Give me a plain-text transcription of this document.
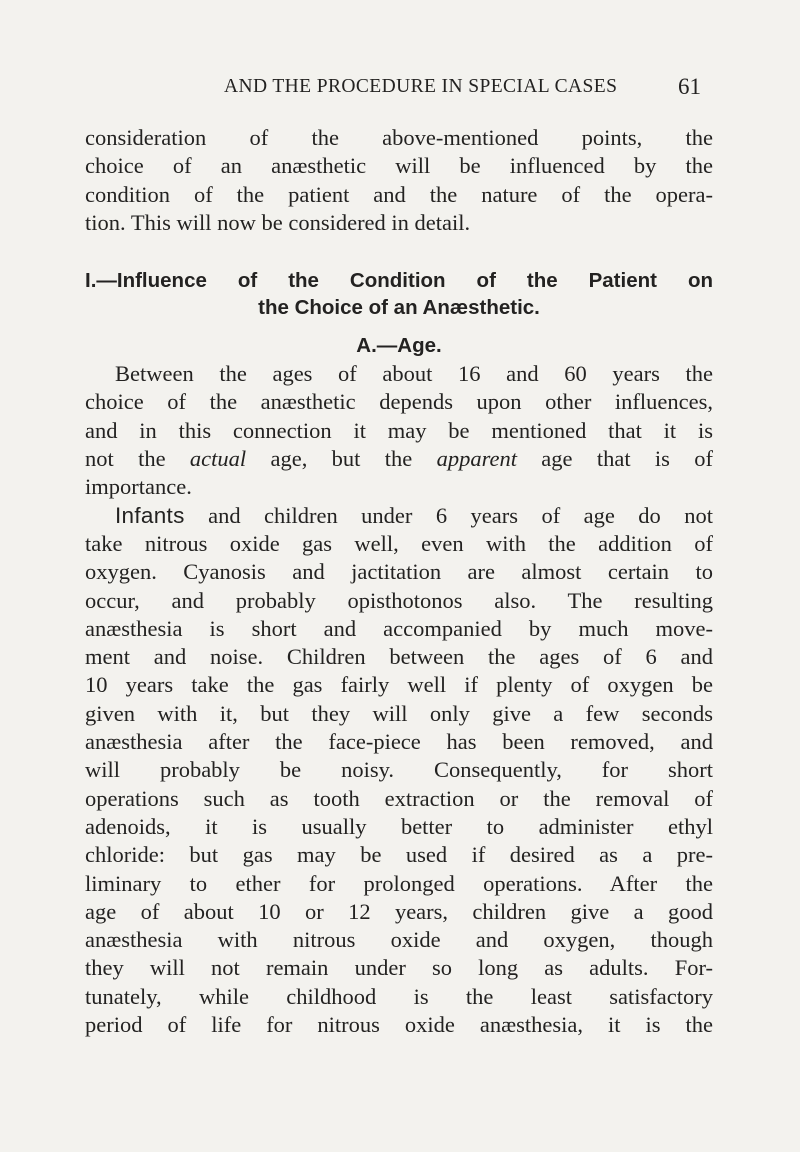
AND THE PROCEDURE IN SPECIAL CASES	61

consideration of the above-mentioned points, the
choice of an anæsthetic will be influenced by the
condition of the patient and the nature of the opera-
tion. This will now be considered in detail.

I.—Influence of the Condition of the Patient on
the Choice of an Anæsthetic.
A.—Age.

Between the ages of about 16 and 60 years the
choice of the anæsthetic depends upon other influences,
and in this connection it may be mentioned that it is
not the actual age, but the apparent age that is of
importance.

Infants and children under 6 years of age do not
take nitrous oxide gas well, even with the addition of
oxygen. Cyanosis and jactitation are almost certain to
occur, and probably opisthotonos also. The resulting
anæsthesia is short and accompanied by much move-
ment and noise. Children between the ages of 6 and
10 years take the gas fairly well if plenty of oxygen be
given with it, but they will only give a few seconds
anæsthesia after the face-piece has been removed, and
will probably be noisy. Consequently, for short
operations such as tooth extraction or the removal of
adenoids, it is usually better to administer ethyl
chloride: but gas may be used if desired as a pre-
liminary to ether for prolonged operations. After the
age of about 10 or 12 years, children give a good
anæsthesia with nitrous oxide and oxygen, though
they will not remain under so long as adults. For-
tunately, while childhood is the least satisfactory
period of life for nitrous oxide anæsthesia, it is the
